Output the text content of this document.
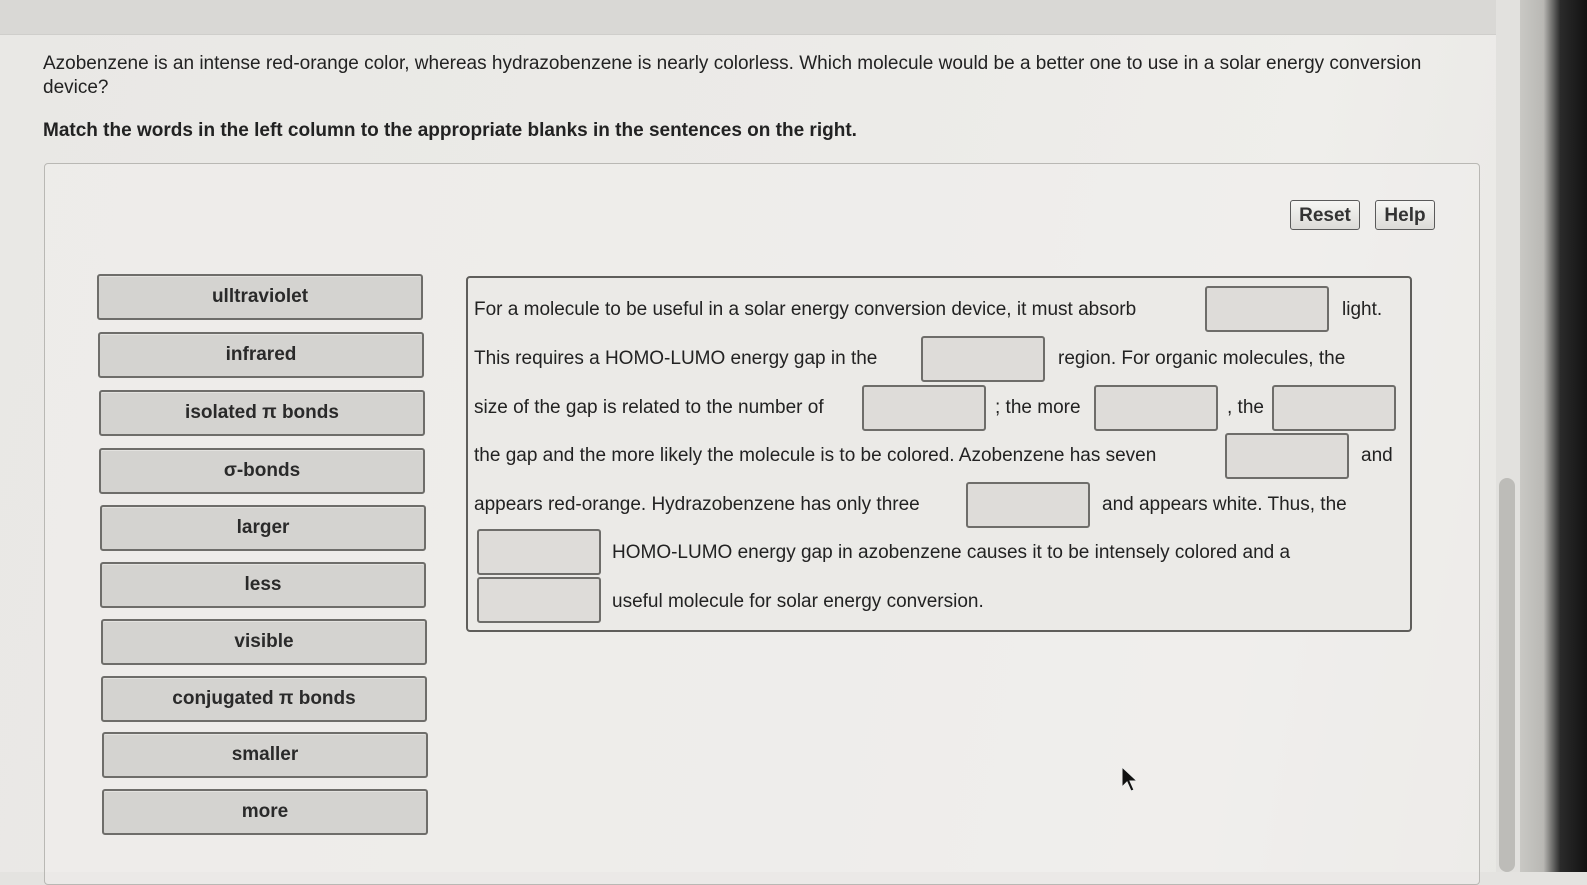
Azobenzene is an intense red-orange color, whereas hydrazobenzene is nearly colorless. Which molecule would be a better one to use in a solar energy conversion device?
Match the words in the left column to the appropriate blanks in the sentences on the right.
Reset	Help
ulltraviolet
infrared
isolated π bonds
σ-bonds
larger
less
visible
conjugated π bonds
smaller
more
For a molecule to be useful in a solar energy conversion device, it must absorb	light.
This requires a HOMO-LUMO energy gap in the	region. For organic molecules, the
size of the gap is related to the number of	; the more	, the
the gap and the more likely the molecule is to be colored. Azobenzene has seven	and
appears red-orange. Hydrazobenzene has only three	and appears white. Thus, the
HOMO-LUMO energy gap in azobenzene causes it to be intensely colored and a
useful molecule for solar energy conversion.
